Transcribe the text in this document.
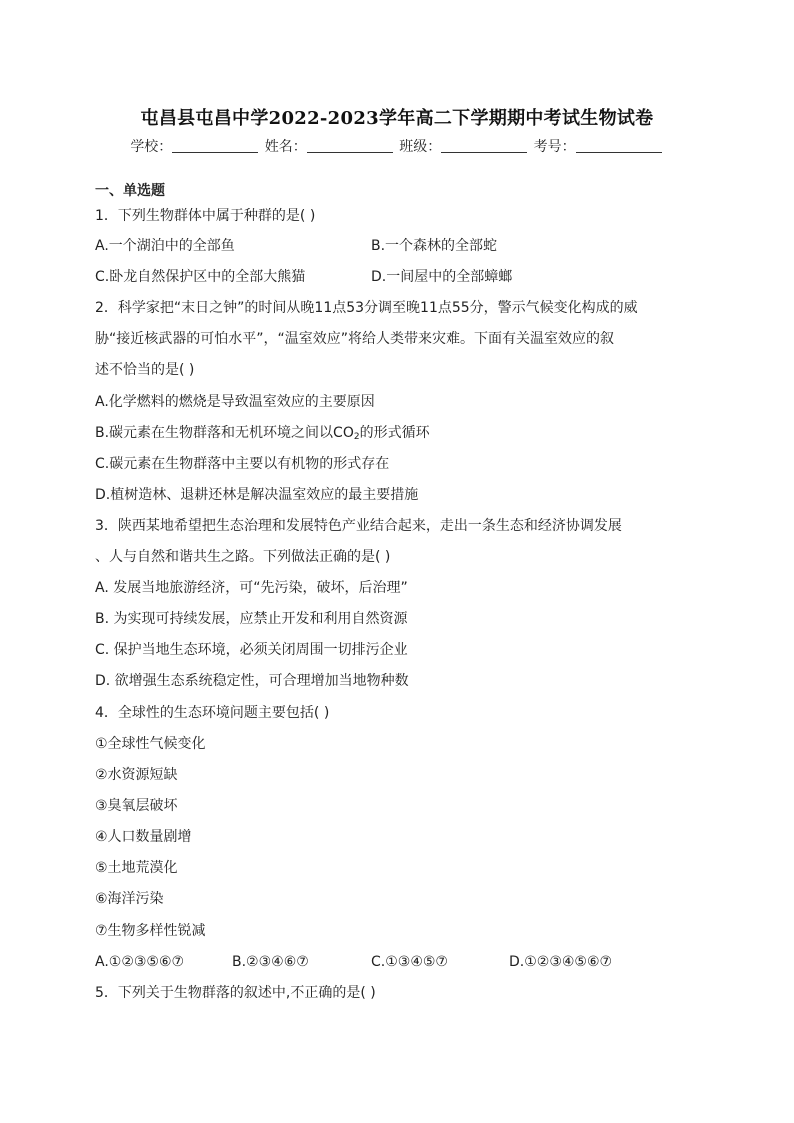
屯昌县屯昌中学2022-2023学年高二下学期期中考试生物试卷
学校：	姓名：	班级：	考号：
一、单选题
1．下列生物群体中属于种群的是( )
A.一个湖泊中的全部鱼	B.一个森林的全部蛇
C.卧龙自然保护区中的全部大熊猫	D.一间屋中的全部蟑螂
2．科学家把“末日之钟”的时间从晚11点53分调至晚11点55分，警示气候变化构成的威
胁“接近核武器的可怕水平”，“温室效应”将给人类带来灾难。下面有关温室效应的叙
述不恰当的是( )
A.化学燃料的燃烧是导致温室效应的主要原因
B.碳元素在生物群落和无机环境之间以$CO_2$的形式循环
C.碳元素在生物群落中主要以有机物的形式存在
D.植树造林、退耕还林是解决温室效应的最主要措施
3．陕西某地希望把生态治理和发展特色产业结合起来，走出一条生态和经济协调发展
、人与自然和谐共生之路。下列做法正确的是( )
A. 发展当地旅游经济，可“先污染，破坏，后治理”
B. 为实现可持续发展，应禁止开发和利用自然资源
C. 保护当地生态环境，必须关闭周围一切排污企业
D. 欲增强生态系统稳定性，可合理增加当地物种数
4．全球性的生态环境问题主要包括( )
①全球性气候变化
②水资源短缺
③臭氧层破坏
④人口数量剧增
⑤土地荒漠化
⑥海洋污染
⑦生物多样性锐减
A.①②③⑤⑥⑦	B.②③④⑥⑦	C.①③④⑤⑦	D.①②③④⑤⑥⑦
5．下列关于生物群落的叙述中,不正确的是( )
